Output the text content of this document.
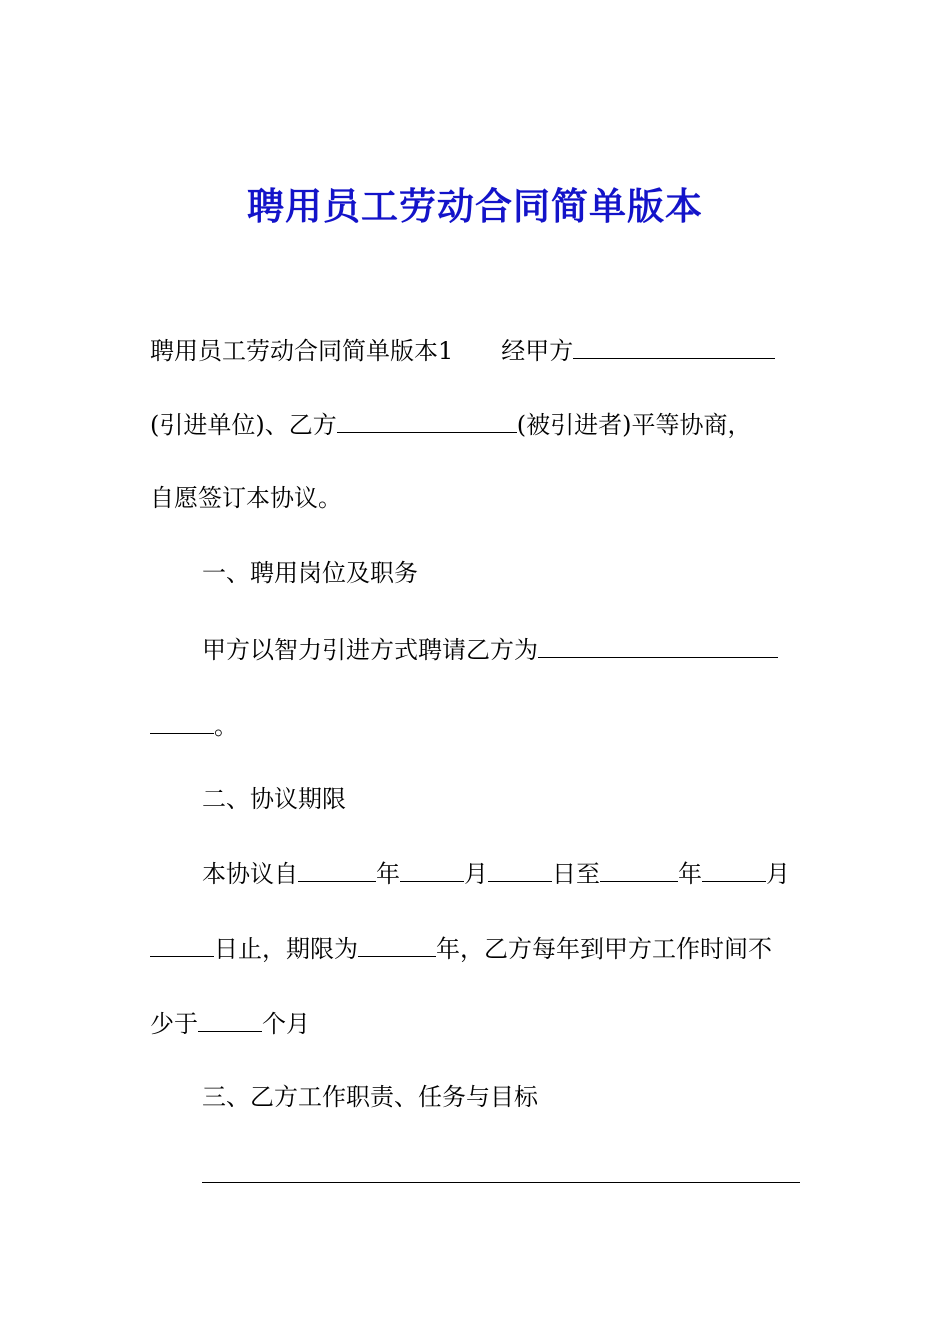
聘用员工劳动合同简单版本
聘用员工劳动合同简单版本1 经甲方
(引进单位)、乙方	(被引进者)平等协商，
自愿签订本协议。
一、聘用岗位及职务
甲方以智力引进方式聘请乙方为
。
二、协议期限
本协议自	年	月	日至	年	月
日止，期限为	年，乙方每年到甲方工作时间不
少于	个月
三、乙方工作职责、任务与目标
